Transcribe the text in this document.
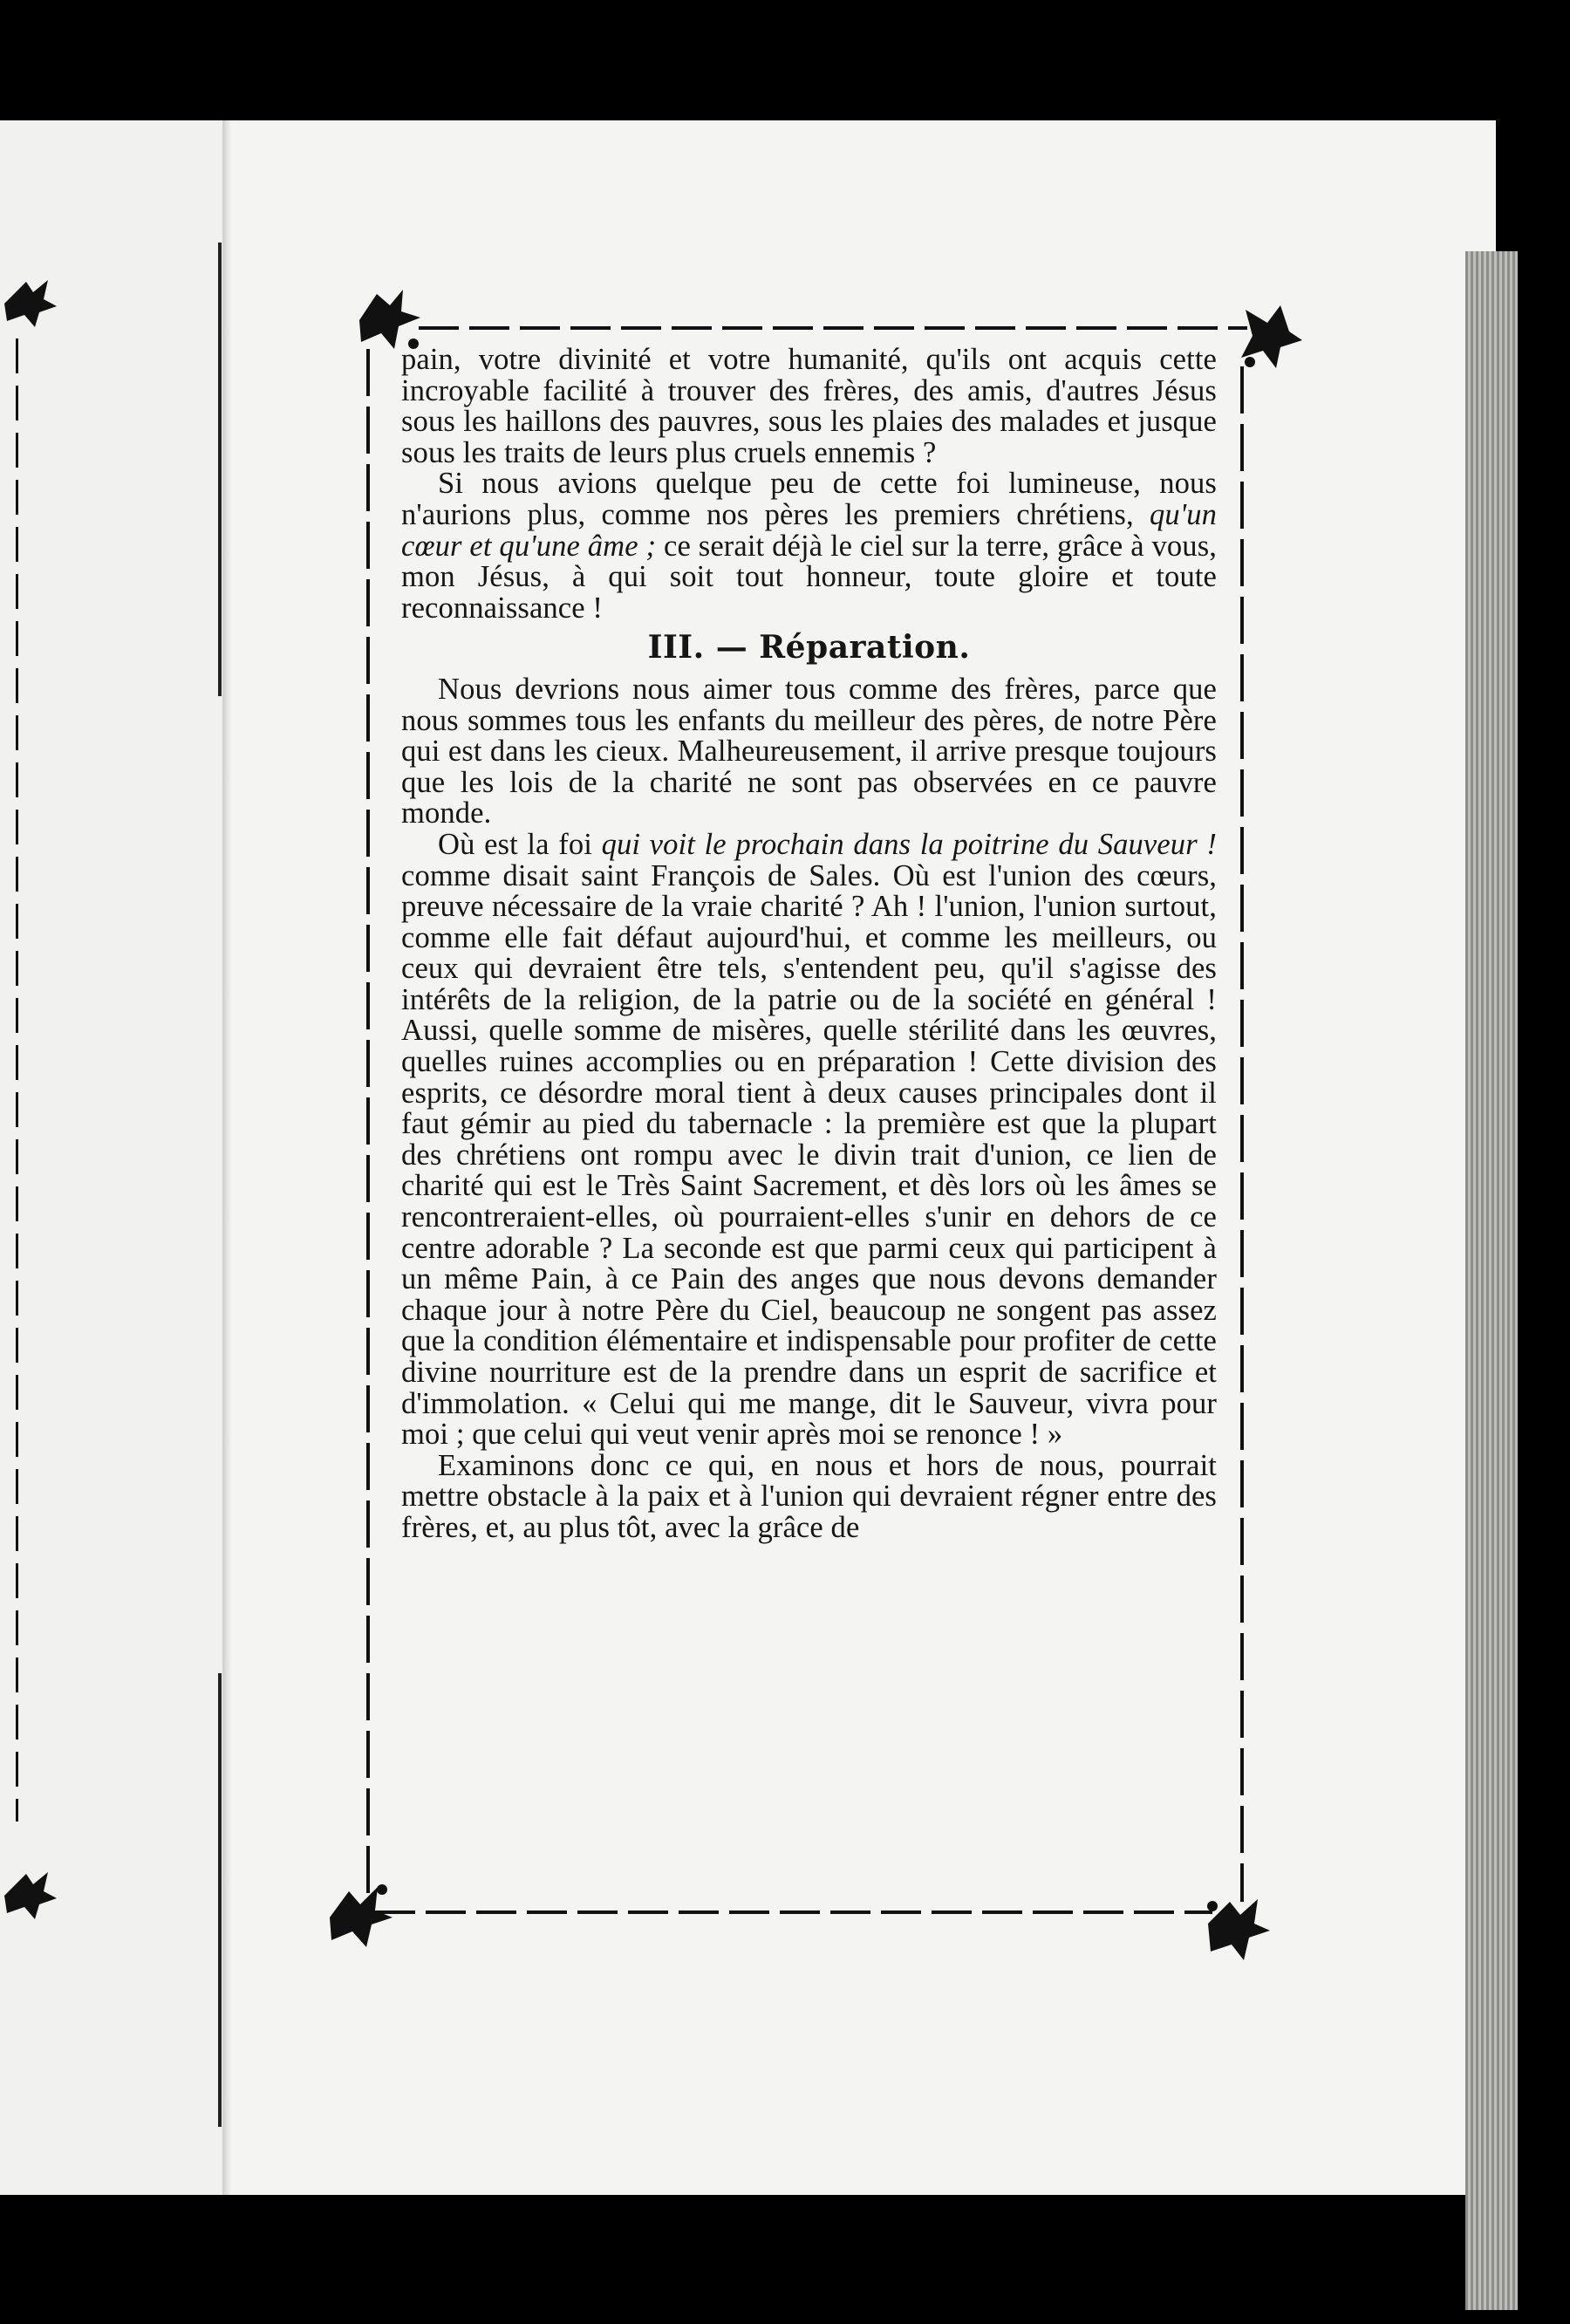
pain, votre divinité et votre humanité, qu'ils ont acquis cette incroyable facilité à trouver des frères, des amis, d'autres Jésus sous les haillons des pauvres, sous les plaies des malades et jusque sous les traits de leurs plus cruels ennemis ?

Si nous avions quelque peu de cette foi lumineuse, nous n'aurions plus, comme nos pères les premiers chrétiens, qu'un cœur et qu'une âme ; ce serait déjà le ciel sur la terre, grâce à vous, mon Jésus, à qui soit tout honneur, toute gloire et toute reconnaissance !

III. — Réparation.

Nous devrions nous aimer tous comme des frères, parce que nous sommes tous les enfants du meilleur des pères, de notre Père qui est dans les cieux. Malheureusement, il arrive presque toujours que les lois de la charité ne sont pas observées en ce pauvre monde.

Où est la foi qui voit le prochain dans la poitrine du Sauveur ! comme disait saint François de Sales. Où est l'union des cœurs, preuve nécessaire de la vraie charité ? Ah ! l'union, l'union surtout, comme elle fait défaut aujourd'hui, et comme les meilleurs, ou ceux qui devraient être tels, s'entendent peu, qu'il s'agisse des intérêts de la religion, de la patrie ou de la société en général ! Aussi, quelle somme de misères, quelle stérilité dans les œuvres, quelles ruines accomplies ou en préparation ! Cette division des esprits, ce désordre moral tient à deux causes principales dont il faut gémir au pied du tabernacle : la première est que la plupart des chrétiens ont rompu avec le divin trait d'union, ce lien de charité qui est le Très Saint Sacrement, et dès lors où les âmes se rencontreraient-elles, où pourraient-elles s'unir en dehors de ce centre adorable ? La seconde est que parmi ceux qui participent à un même Pain, à ce Pain des anges que nous devons demander chaque jour à notre Père du Ciel, beaucoup ne songent pas assez que la condition élémentaire et indispensable pour profiter de cette divine nourriture est de la prendre dans un esprit de sacrifice et d'immolation. « Celui qui me mange, dit le Sauveur, vivra pour moi ; que celui qui veut venir après moi se renonce ! »

Examinons donc ce qui, en nous et hors de nous, pourrait mettre obstacle à la paix et à l'union qui devraient régner entre des frères, et, au plus tôt, avec la grâce de
